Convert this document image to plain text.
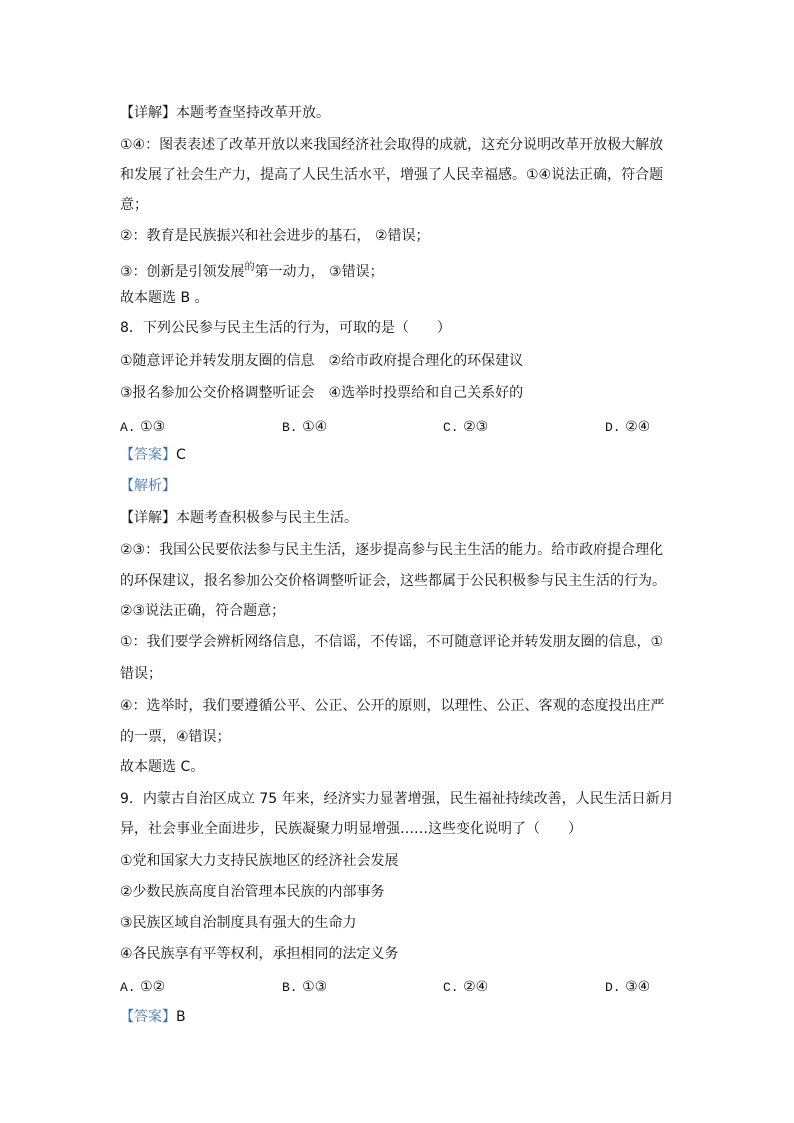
【详解】本题考查坚持改革开放。
①④：图表表述了改革开放以来我国经济社会取得的成就，这充分说明改革开放极大解放
和发展了社会生产力，提高了人民生活水平，增强了人民幸福感。①④说法正确，符合题
意；
②：教育是民族振兴和社会进步的基石， ②错误；
③：创新是引领发展$^的$第一动力， ③错误；
故本题选 B 。
8．下列公民参与民主生活的行为，可取的是（　　）
①随意评论并转发朋友圈的信息　②给市政府提合理化的环保建议
③报名参加公交价格调整听证会　④选举时投票给和自己关系好的
A. ①③	B. ①④	C. ②③	D. ②④
【答案】C
【解析】
【详解】本题考查积极参与民主生活。
②③：我国公民要依法参与民主生活，逐步提高参与民主生活的能力。给市政府提合理化
的环保建议，报名参加公交价格调整听证会，这些都属于公民积极参与民主生活的行为。
②③说法正确，符合题意；
①：我们要学会辨析网络信息，不信谣，不传谣，不可随意评论并转发朋友圈的信息，①
错误；
④：选举时，我们要遵循公平、公正、公开的原则，以理性、公正、客观的态度投出庄严
的一票，④错误；
故本题选 C。
9．内蒙古自治区成立 75 年来，经济实力显著增强，民生福祉持续改善，人民生活日新月
异，社会事业全面进步，民族凝聚力明显增强……这些变化说明了（　　）
①党和国家大力支持民族地区的经济社会发展
②少数民族高度自治管理本民族的内部事务
③民族区域自治制度具有强大的生命力
④各民族享有平等权利，承担相同的法定义务
A. ①②	B. ①③	C. ②④	D. ③④
【答案】B
